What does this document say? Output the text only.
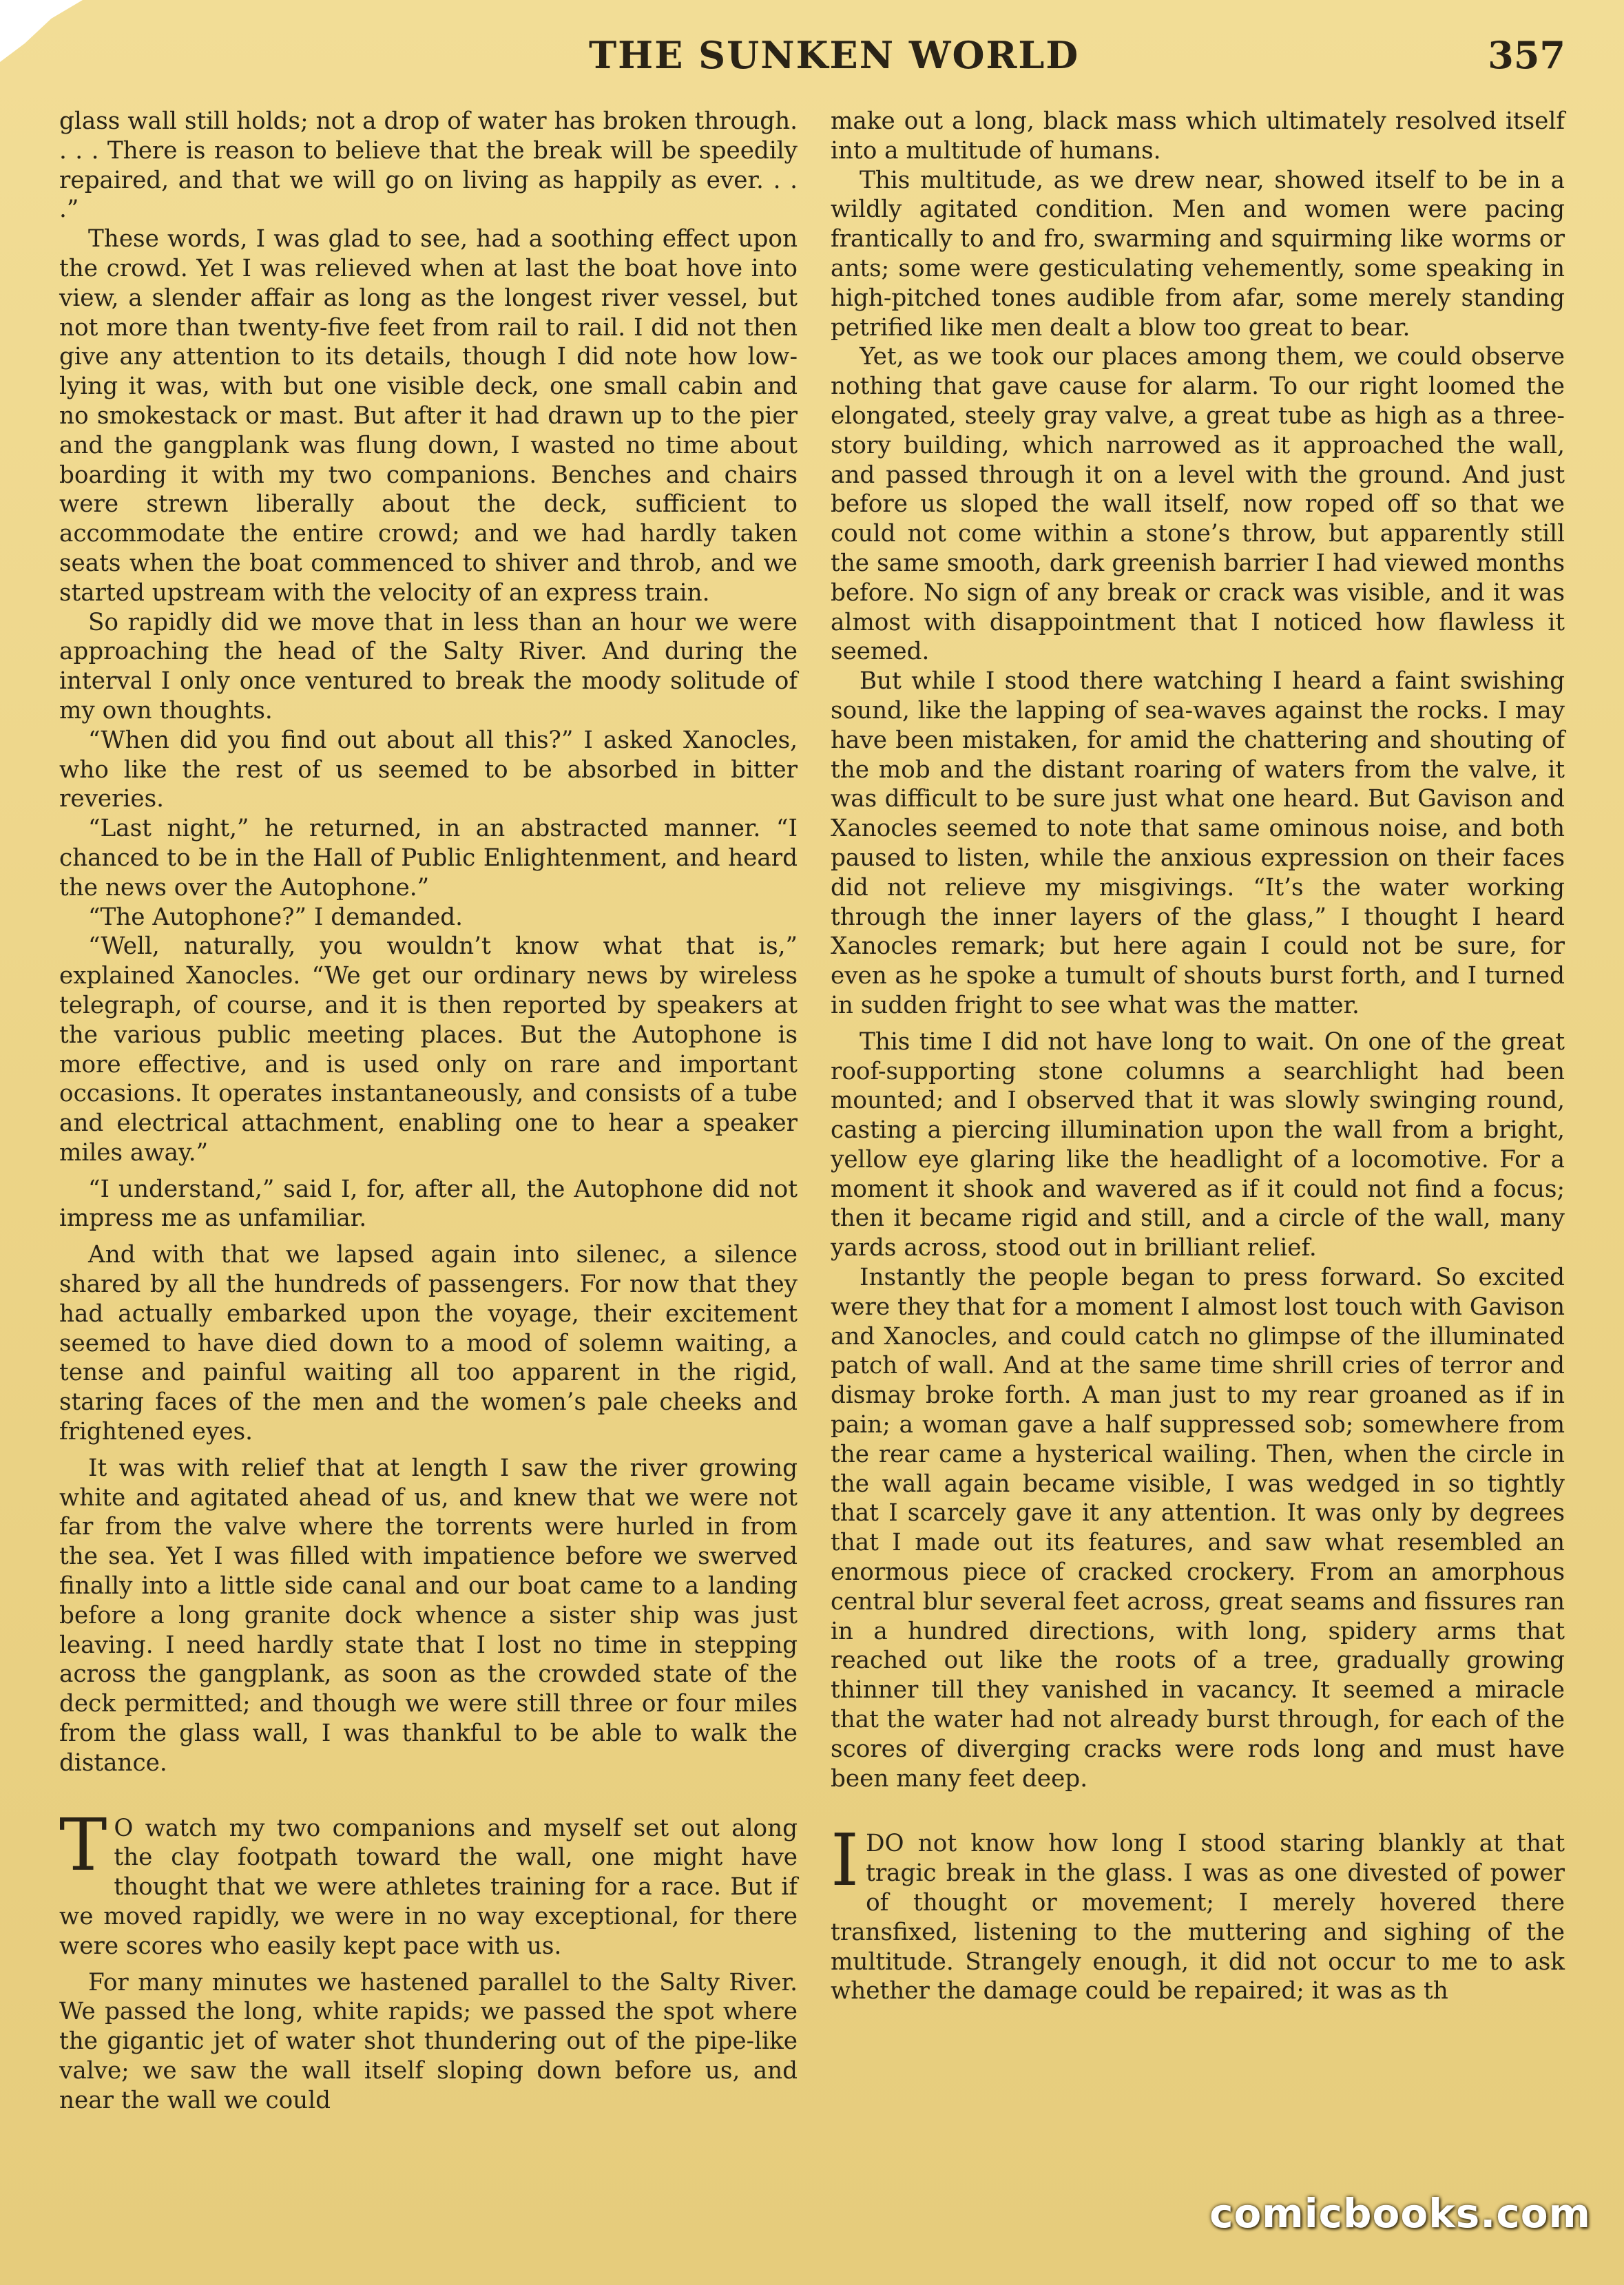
THE SUNKEN WORLD	357

glass wall still holds; not a drop of water has broken through. . . . There is reason to believe that the break will be speedily repaired, and that we will go on living as happily as ever. . . .”

These words, I was glad to see, had a soothing effect upon the crowd. Yet I was relieved when at last the boat hove into view, a slender affair as long as the longest river vessel, but not more than twenty-five feet from rail to rail. I did not then give any attention to its details, though I did note how low-lying it was, with but one visible deck, one small cabin and no smokestack or mast. But after it had drawn up to the pier and the gangplank was flung down, I wasted no time about boarding it with my two companions. Benches and chairs were strewn liberally about the deck, sufficient to accommodate the entire crowd; and we had hardly taken seats when the boat commenced to shiver and throb, and we started upstream with the velocity of an express train.

So rapidly did we move that in less than an hour we were approaching the head of the Salty River. And during the interval I only once ventured to break the moody solitude of my own thoughts.

“When did you find out about all this?” I asked Xanocles, who like the rest of us seemed to be absorbed in bitter reveries.

“Last night,” he returned, in an abstracted manner. “I chanced to be in the Hall of Public Enlightenment, and heard the news over the Autophone.”

“The Autophone?” I demanded.

“Well, naturally, you wouldn’t know what that is,” explained Xanocles. “We get our ordinary news by wireless telegraph, of course, and it is then reported by speakers at the various public meeting places. But the Autophone is more effective, and is used only on rare and important occasions. It operates instantaneously, and consists of a tube and electrical attachment, enabling one to hear a speaker miles away.”

“I understand,” said I, for, after all, the Autophone did not impress me as unfamiliar.

And with that we lapsed again into silenec, a silence shared by all the hundreds of passengers. For now that they had actually embarked upon the voyage, their excitement seemed to have died down to a mood of solemn waiting, a tense and painful waiting all too apparent in the rigid, staring faces of the men and the women’s pale cheeks and frightened eyes.

It was with relief that at length I saw the river growing white and agitated ahead of us, and knew that we were not far from the valve where the torrents were hurled in from the sea. Yet I was filled with impatience before we swerved finally into a little side canal and our boat came to a landing before a long granite dock whence a sister ship was just leaving. I need hardly state that I lost no time in stepping across the gangplank, as soon as the crowded state of the deck permitted; and though we were still three or four miles from the glass wall, I was thankful to be able to walk the distance.

T O watch my two companions and myself set out along the clay footpath toward the wall, one might have thought that we were athletes training for a race. But if we moved rapidly, we were in no way exceptional, for there were scores who easily kept pace with us.

For many minutes we hastened parallel to the Salty River. We passed the long, white rapids; we passed the spot where the gigantic jet of water shot thundering out of the pipe-like valve; we saw the wall itself sloping down before us, and near the wall we could

make out a long, black mass which ultimately resolved itself into a multitude of humans.

This multitude, as we drew near, showed itself to be in a wildly agitated condition. Men and women were pacing frantically to and fro, swarming and squirming like worms or ants; some were gesticulating vehemently, some speaking in high-pitched tones audible from afar, some merely standing petrified like men dealt a blow too great to bear.

Yet, as we took our places among them, we could observe nothing that gave cause for alarm. To our right loomed the elongated, steely gray valve, a great tube as high as a three-story building, which narrowed as it approached the wall, and passed through it on a level with the ground. And just before us sloped the wall itself, now roped off so that we could not come within a stone’s throw, but apparently still the same smooth, dark greenish barrier I had viewed months before. No sign of any break or crack was visible, and it was almost with disappointment that I noticed how flawless it seemed.

But while I stood there watching I heard a faint swishing sound, like the lapping of sea-waves against the rocks. I may have been mistaken, for amid the chattering and shouting of the mob and the distant roaring of waters from the valve, it was difficult to be sure just what one heard. But Gavison and Xanocles seemed to note that same ominous noise, and both paused to listen, while the anxious expression on their faces did not relieve my misgivings. “It’s the water working through the inner layers of the glass,” I thought I heard Xanocles remark; but here again I could not be sure, for even as he spoke a tumult of shouts burst forth, and I turned in sudden fright to see what was the matter.

This time I did not have long to wait. On one of the great roof-supporting stone columns a searchlight had been mounted; and I observed that it was slowly swinging round, casting a piercing illumination upon the wall from a bright, yellow eye glaring like the headlight of a locomotive. For a moment it shook and wavered as if it could not find a focus; then it became rigid and still, and a circle of the wall, many yards across, stood out in brilliant relief.

Instantly the people began to press forward. So excited were they that for a moment I almost lost touch with Gavison and Xanocles, and could catch no glimpse of the illuminated patch of wall. And at the same time shrill cries of terror and dismay broke forth. A man just to my rear groaned as if in pain; a woman gave a half suppressed sob; somewhere from the rear came a hysterical wailing. Then, when the circle in the wall again became visible, I was wedged in so tightly that I scarcely gave it any attention. It was only by degrees that I made out its features, and saw what resembled an enormous piece of cracked crockery. From an amorphous central blur several feet across, great seams and fissures ran in a hundred directions, with long, spidery arms that reached out like the roots of a tree, gradually growing thinner till they vanished in vacancy. It seemed a miracle that the water had not already burst through, for each of the scores of diverging cracks were rods long and must have been many feet deep.

IDO not know how long I stood staring blankly at that tragic break in the glass. I was as one divested of power of thought or movement; I merely hovered there transfixed, listening to the muttering and sighing of the multitude. Strangely enough, it did not occur to me to ask whether the damage could be repaired; it was as th

comicbooks.com
